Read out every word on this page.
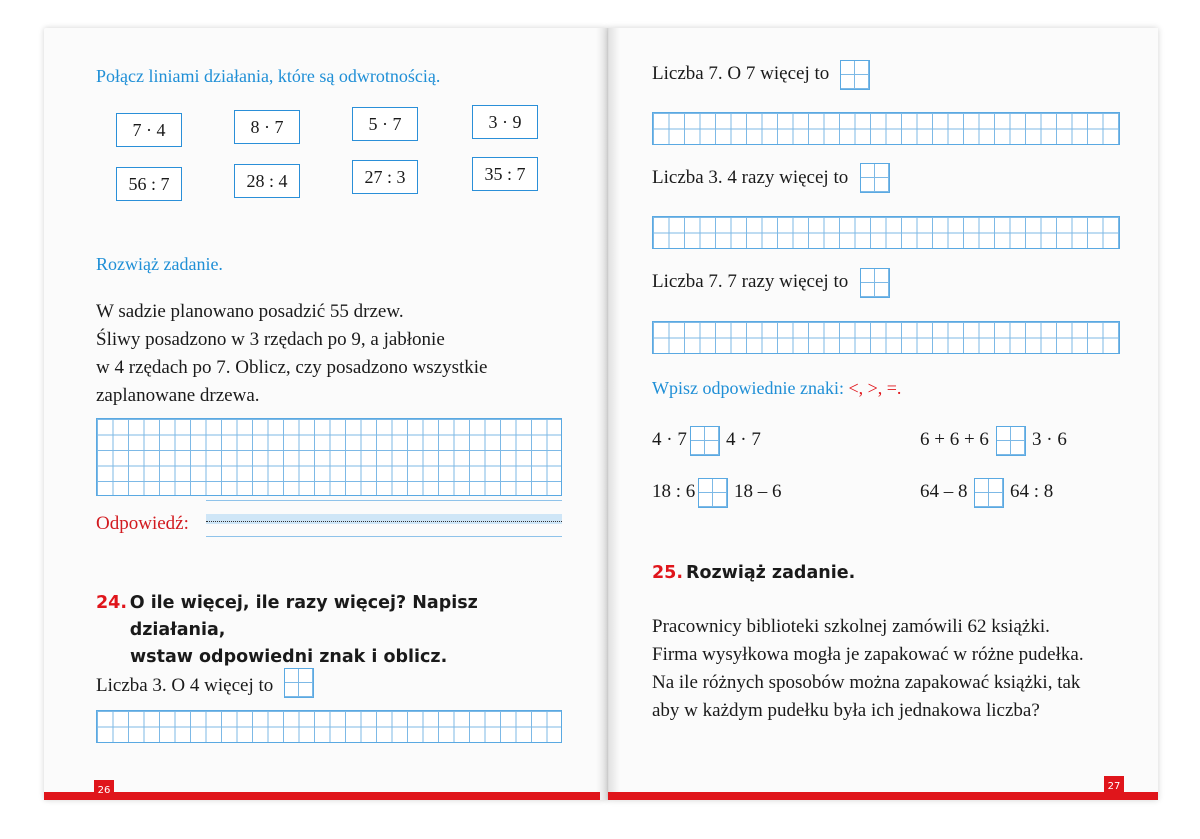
Połącz liniami działania, które są odwrotnością.
7 · 4	8 · 7	5 · 7	3 · 9
56 : 7	28 : 4	27 : 3	35 : 7
Rozwiąż zadanie.
W sadzie planowano posadzić 55 drzew.
Śliwy posadzono w 3 rzędach po 9, a jabłonie
w 4 rzędach po 7. Oblicz, czy posadzono wszystkie
zaplanowane drzewa.
Odpowiedź:
24. O ile więcej, ile razy więcej? Napisz działania,
wstaw odpowiedni znak i oblicz.
Liczba 3. O 4 więcej to
26
Liczba 7. O 7 więcej to
Liczba 3. 4 razy więcej to
Liczba 7. 7 razy więcej to
Wpisz odpowiednie znaki: <, >, =.
4 · 7 4 · 7	6 + 6 + 6 3 · 6
18 : 6 18 – 6	64 – 8 64 : 8
25. Rozwiąż zadanie.
Pracownicy biblioteki szkolnej zamówili 62 książki.
Firma wysyłkowa mogła je zapakować w różne pudełka.
Na ile różnych sposobów można zapakować książki, tak
aby w każdym pudełku była ich jednakowa liczba?
27
